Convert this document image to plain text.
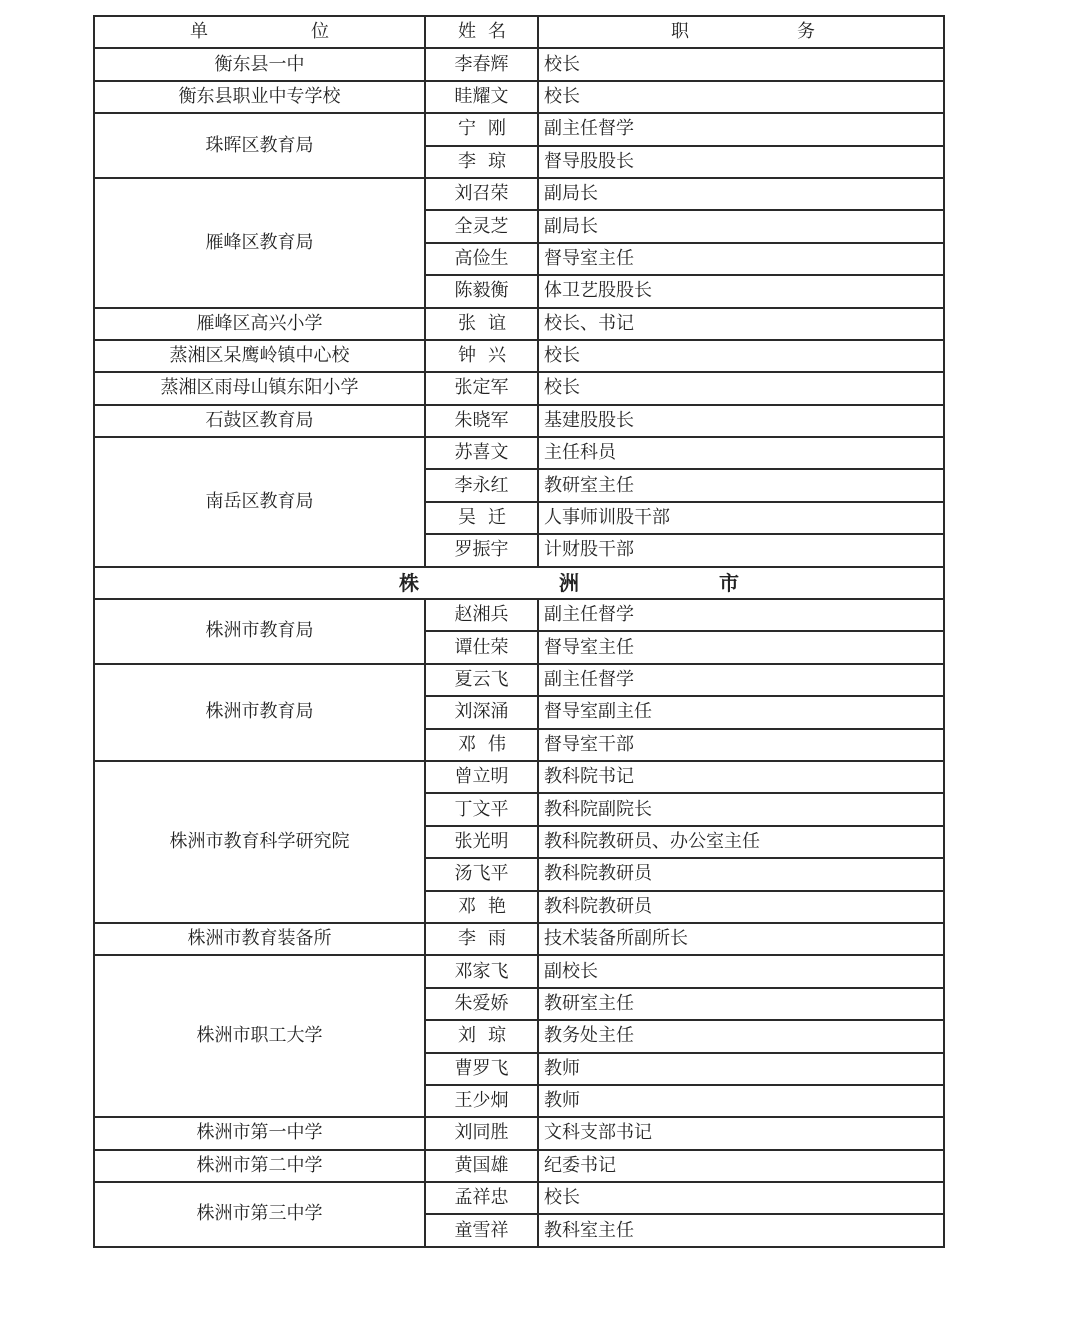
单 位	姓 名	职 务

衡东县一中	李春辉	校长
衡东县职业中专学校	眭耀文	校长
珠晖区教育局	宁 刚	副主任督学

	李 琼	督导股股长
雁峰区教育局	刘召荣	副局长
	全灵芝	副局长
	高俭生	督导室主任
	陈毅衡	体卫艺股股长
雁峰区高兴小学	张 谊	校长、书记
蒸湘区呆鹰岭镇中心校	钟 兴	校长
蒸湘区雨母山镇东阳小学	张定军	校长
石鼓区教育局	朱晓军	基建股股长
南岳区教育局	苏喜文	主任科员
	李永红	教研室主任

	吴 迁	人事师训股干部
	罗振宇	计财股干部

株 洲 市		

株洲市教育局	赵湘兵	副主任督学
	谭仕荣	督导室主任
株洲市教育局	夏云飞	副主任督学
	刘深涌	督导室副主任

	邓 伟	督导室干部
株洲市教育科学研究院	曾立明	教科院书记
	丁文平	教科院副院长
	张光明	教科院教研员、办公室主任
	汤飞平	教科院教研员

	邓 艳	教科院教研员
株洲市教育装备所	李 雨	技术装备所副所长
株洲市职工大学	邓家飞	副校长
	朱爱娇	教研室主任

	刘 琼	教务处主任
	曹罗飞	教师
	王少炯	教师
株洲市第一中学	刘同胜	文科支部书记
株洲市第二中学	黄国雄	纪委书记
株洲市第三中学	孟祥忠	校长
	童雪祥	教科室主任
